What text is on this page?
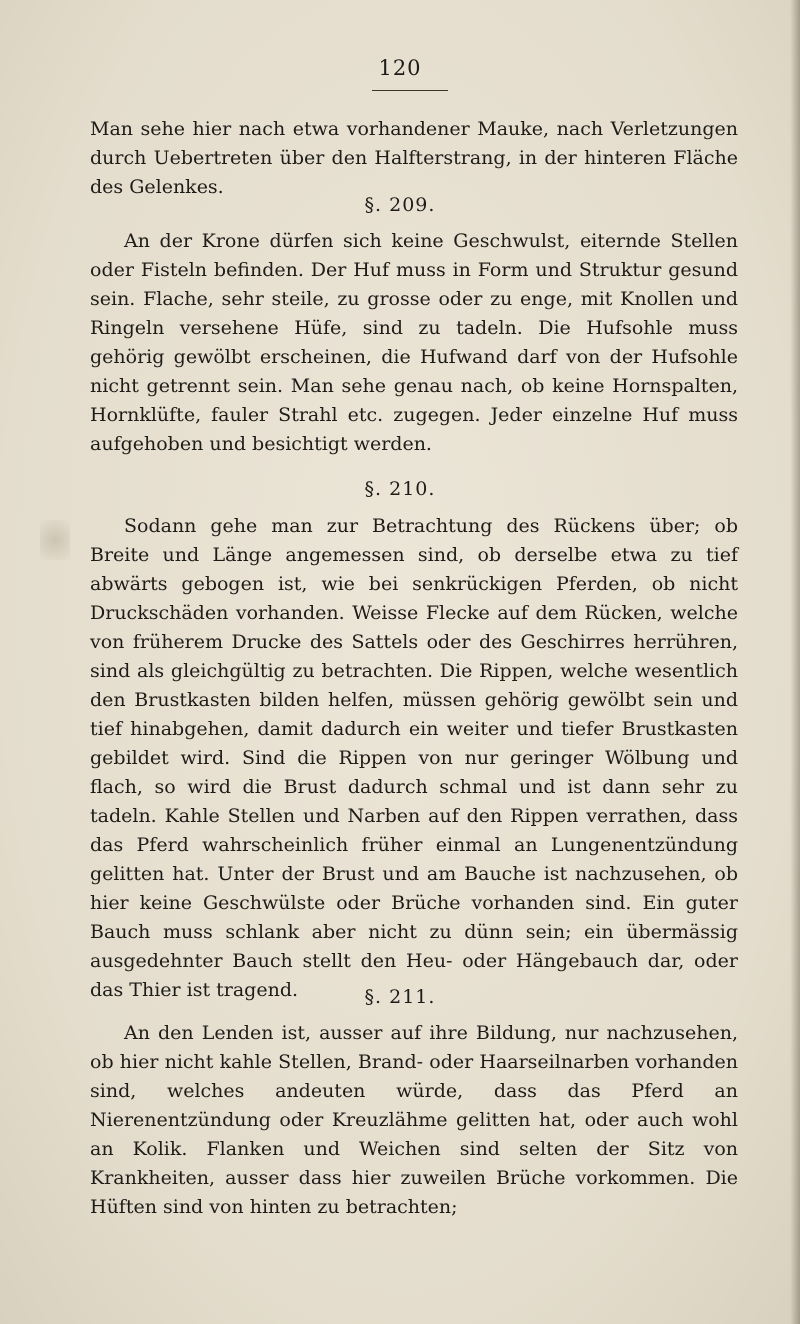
120
Man sehe hier nach etwa vorhandener Mauke, nach Verletzungen durch Uebertreten über den Halfterstrang, in der hinteren Fläche des Gelenkes.
§. 209.
An der Krone dürfen sich keine Geschwulst, eiternde Stellen oder Fisteln befinden. Der Huf muss in Form und Struktur gesund sein. Flache, sehr steile, zu grosse oder zu enge, mit Knollen und Ringeln versehene Hüfe, sind zu tadeln. Die Hufsohle muss gehörig gewölbt erscheinen, die Hufwand darf von der Hufsohle nicht getrennt sein. Man sehe genau nach, ob keine Hornspalten, Hornklüfte, fauler Strahl etc. zugegen. Jeder einzelne Huf muss aufgehoben und besichtigt werden.
§. 210.
Sodann gehe man zur Betrachtung des Rückens über; ob Breite und Länge angemessen sind, ob derselbe etwa zu tief abwärts gebogen ist, wie bei senkrückigen Pferden, ob nicht Druckschäden vorhanden. Weisse Flecke auf dem Rücken, welche von früherem Drucke des Sattels oder des Geschirres herrühren, sind als gleichgültig zu betrachten. Die Rippen, welche wesentlich den Brustkasten bilden helfen, müssen gehörig gewölbt sein und tief hinabgehen, damit dadurch ein weiter und tiefer Brustkasten gebildet wird. Sind die Rippen von nur geringer Wölbung und flach, so wird die Brust dadurch schmal und ist dann sehr zu tadeln. Kahle Stellen und Narben auf den Rippen verrathen, dass das Pferd wahrscheinlich früher einmal an Lungenentzündung gelitten hat. Unter der Brust und am Bauche ist nachzusehen, ob hier keine Geschwülste oder Brüche vorhanden sind. Ein guter Bauch muss schlank aber nicht zu dünn sein; ein übermässig ausgedehnter Bauch stellt den Heu- oder Hängebauch dar, oder das Thier ist tragend.	§. 211.
An den Lenden ist, ausser auf ihre Bildung, nur nachzusehen, ob hier nicht kahle Stellen, Brand- oder Haarseilnarben vorhanden sind, welches andeuten würde, dass das Pferd an Nierenentzündung oder Kreuzlähme gelitten hat, oder auch wohl an Kolik. Flanken und Weichen sind selten der Sitz von Krankheiten, ausser dass hier zuweilen Brüche vorkommen. Die Hüften sind von hinten zu betrachten;
